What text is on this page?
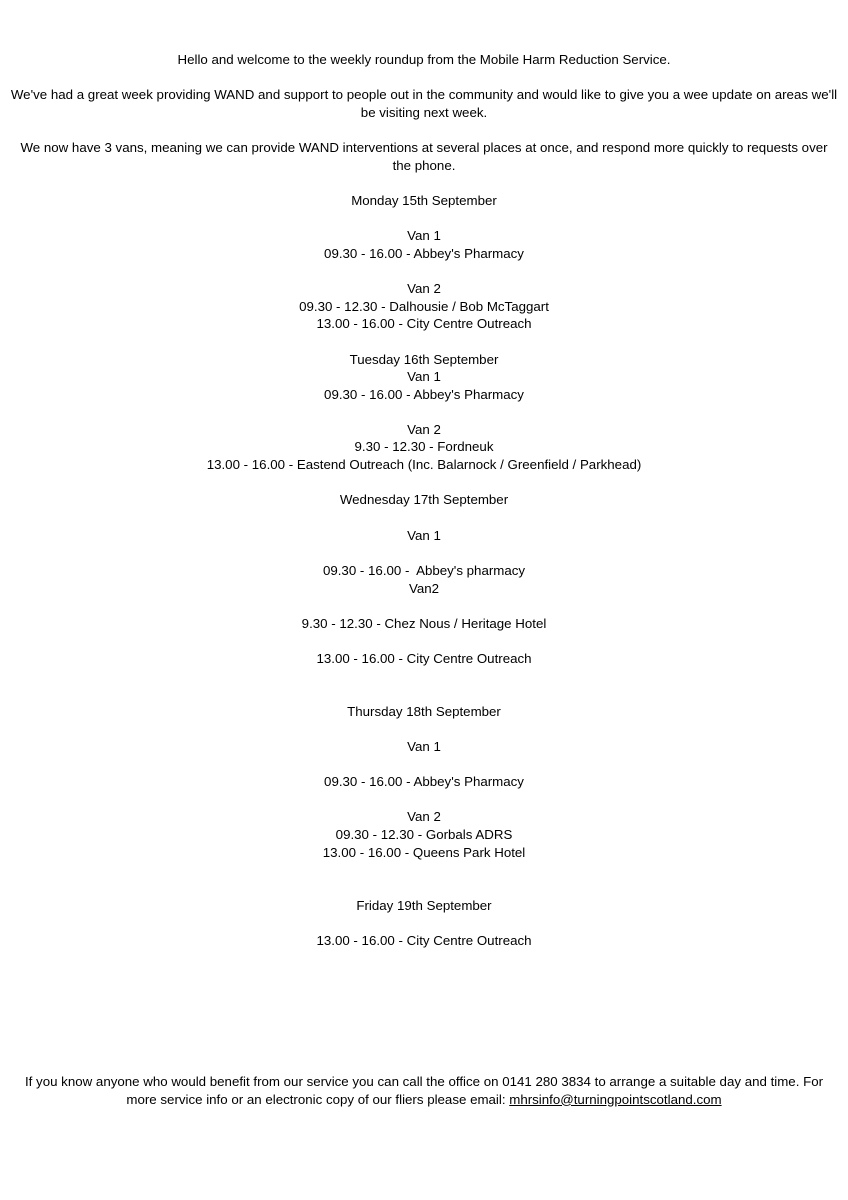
Hello and welcome to the weekly roundup from the Mobile Harm Reduction Service.
We've had a great week providing WAND and support to people out in the community and would like to give you a wee update on areas we'll be visiting next week.
We now have 3 vans, meaning we can provide WAND interventions at several places at once, and respond more quickly to requests over the phone.
Monday 15th September
Van 1
09.30 - 16.00 - Abbey's Pharmacy
Van 2
09.30 - 12.30 - Dalhousie / Bob McTaggart
13.00 - 16.00 - City Centre Outreach
Tuesday 16th September
Van 1
09.30 - 16.00 - Abbey's Pharmacy
Van 2
9.30 - 12.30 - Fordneuk
13.00 - 16.00 - Eastend Outreach (Inc. Balarnock / Greenfield / Parkhead)
Wednesday 17th September
Van 1
09.30 - 16.00 -  Abbey's pharmacy
Van2
9.30 - 12.30 - Chez Nous / Heritage Hotel
13.00 - 16.00 - City Centre Outreach
Thursday 18th September
Van 1
09.30 - 16.00 - Abbey's Pharmacy
Van 2
09.30 - 12.30 - Gorbals ADRS
13.00 - 16.00 - Queens Park Hotel
Friday 19th September
13.00 - 16.00 - City Centre Outreach
If you know anyone who would benefit from our service you can call the office on 0141 280 3834 to arrange a suitable day and time. For more service info or an electronic copy of our fliers please email: mhrsinfo@turningpointscotland.com
